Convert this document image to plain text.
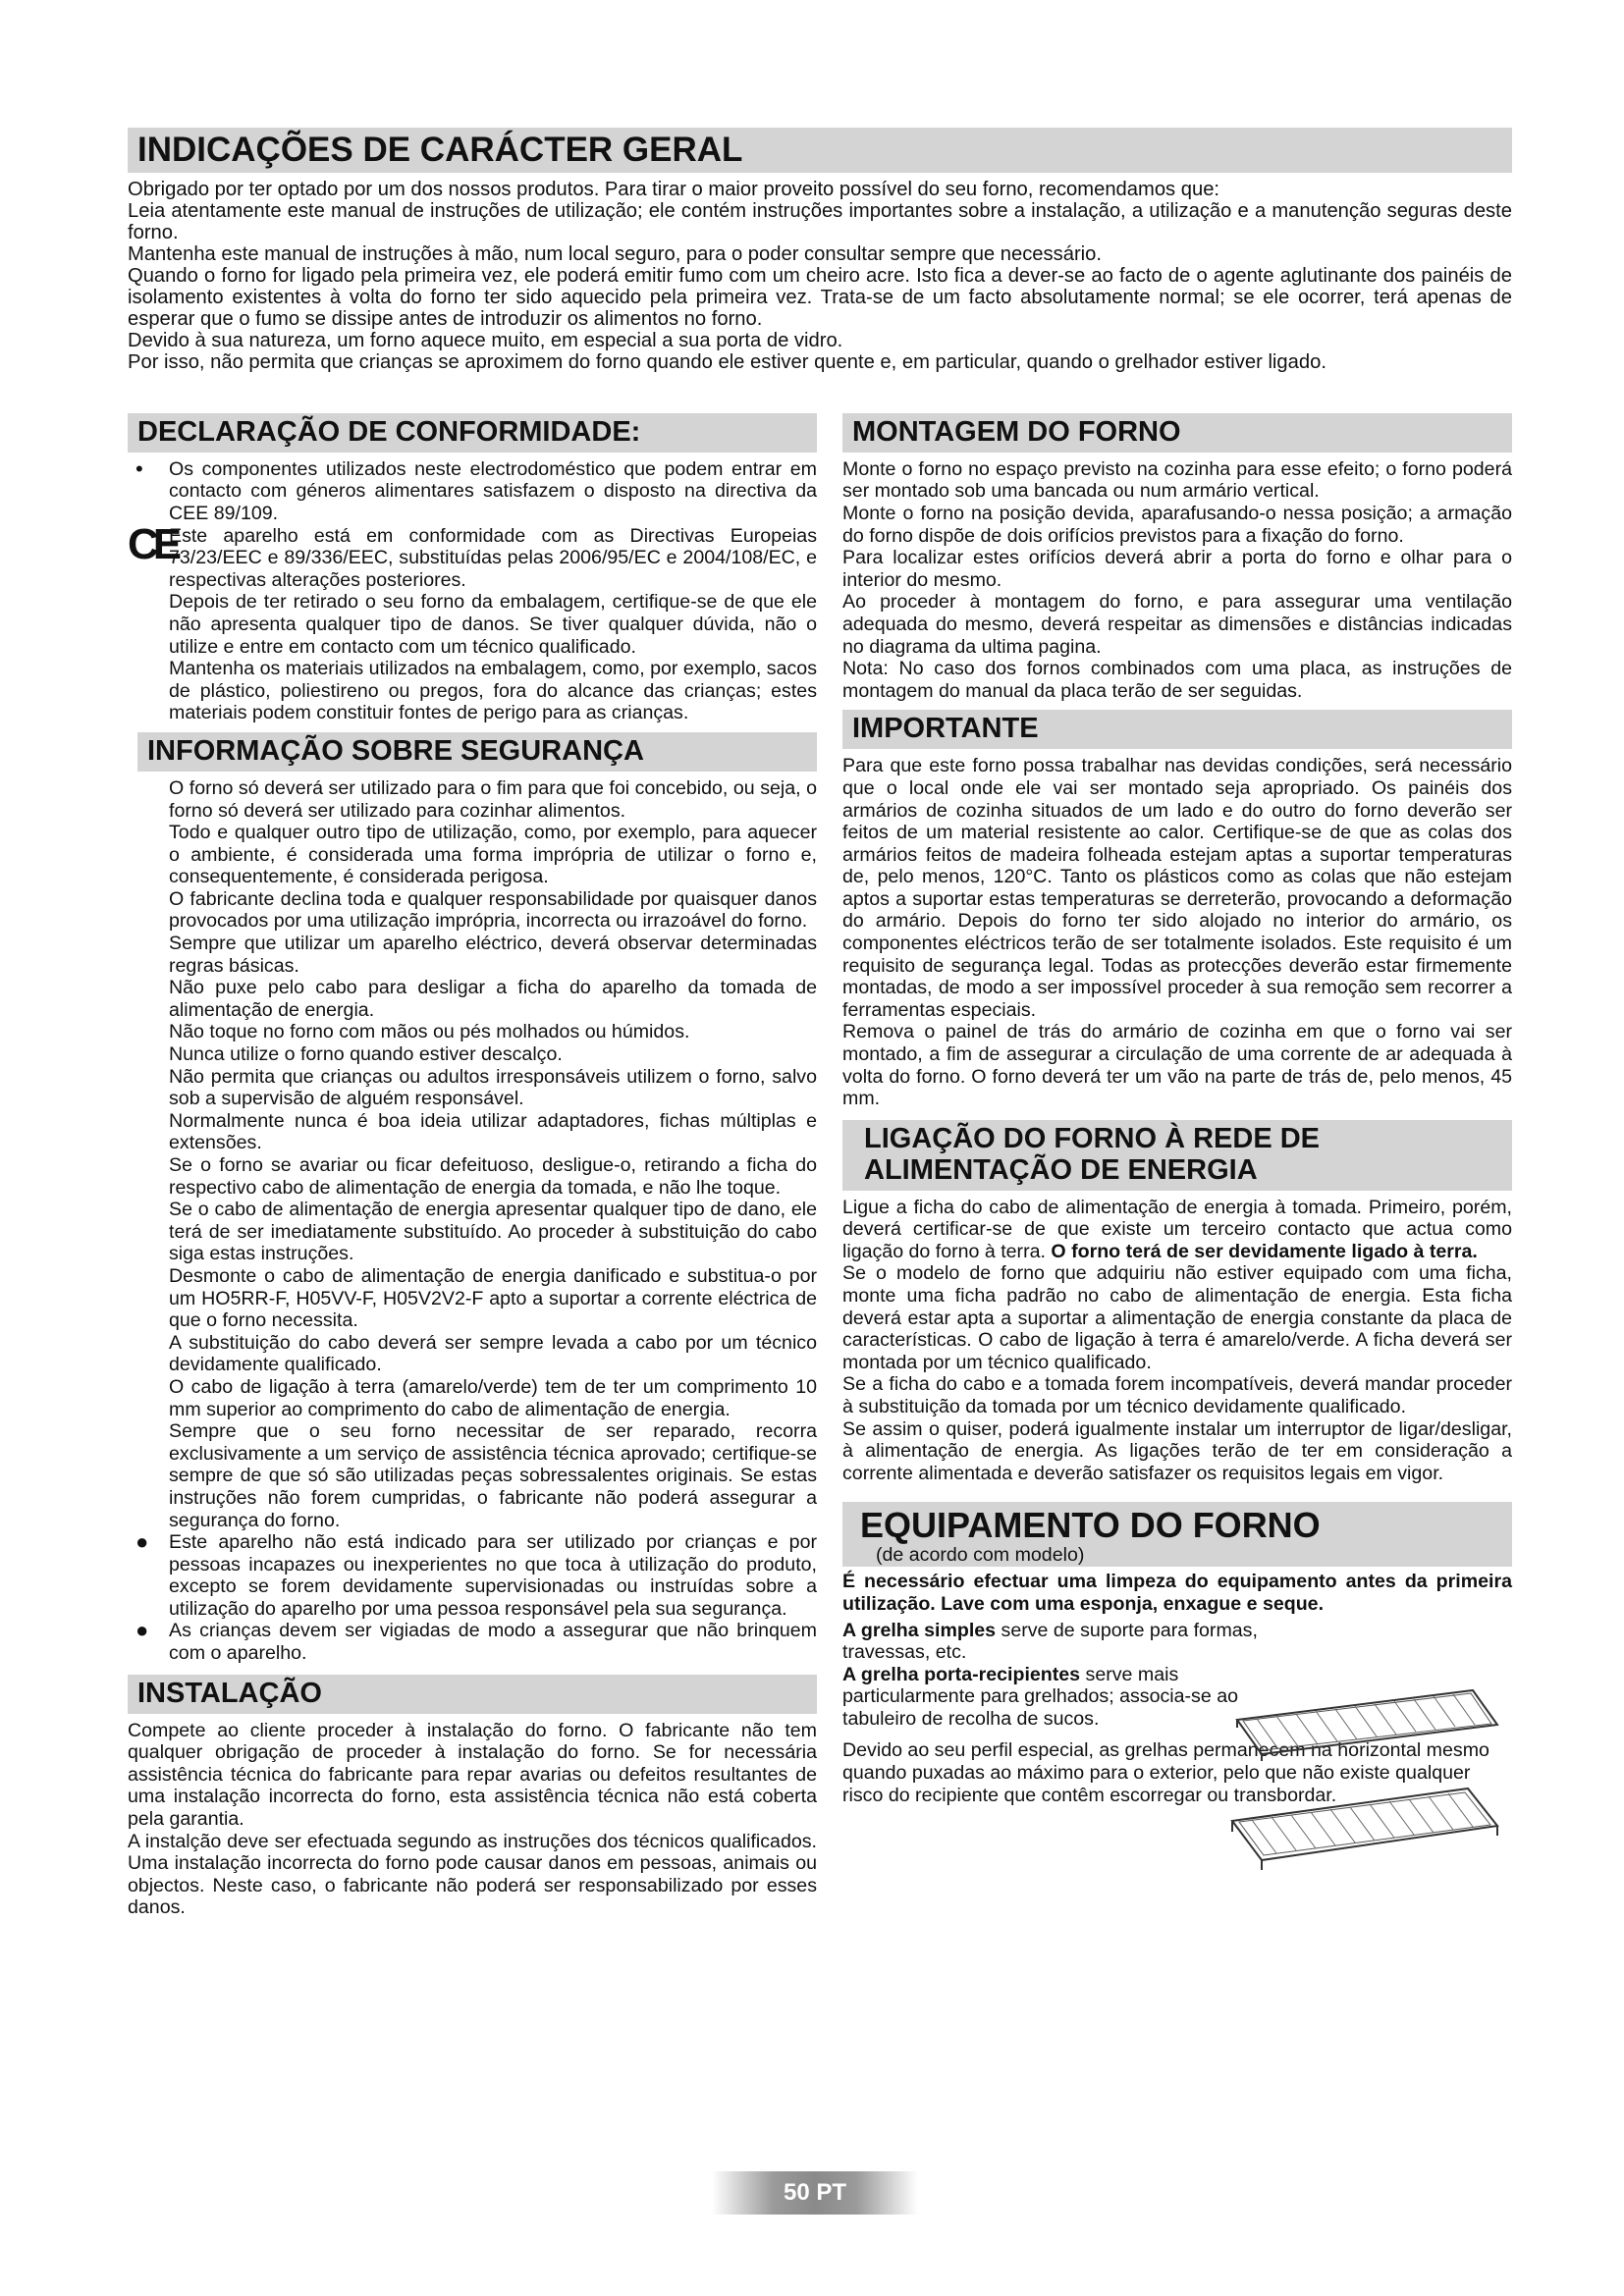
INDICAÇÕES DE CARÁCTER GERAL

Obrigado por ter optado por um dos nossos produtos. Para tirar o maior proveito possível do seu forno, recomendamos que:

Leia atentamente este manual de instruções de utilização; ele contém instruções importantes sobre a instalação, a utilização e a manutenção seguras deste forno.

Mantenha este manual de instruções à mão, num local seguro, para o poder consultar sempre que necessário.

Quando o forno for ligado pela primeira vez, ele poderá emitir fumo com um cheiro acre. Isto fica a dever-se ao facto de o agente aglutinante dos painéis de isolamento existentes à volta do forno ter sido aquecido pela primeira vez. Trata-se de um facto absolutamente normal; se ele ocorrer, terá apenas de esperar que o fumo se dissipe antes de introduzir os alimentos no forno.

Devido à sua natureza, um forno aquece muito, em especial a sua porta de vidro.

Por isso, não permita que crianças se aproximem do forno quando ele estiver quente e, em particular, quando o grelhador estiver ligado.

DECLARAÇÃO DE CONFORMIDADE:
CE
• Os componentes utilizados neste electrodoméstico que podem entrar em contacto com géneros alimentares satisfazem o disposto na directiva da CEE 89/109.

Este aparelho está em conformidade com as Directivas Europeias 73/23/EEC e 89/336/EEC, substituídas pelas 2006/95/EC e 2004/108/EC, e respectivas alterações posteriores.

Depois de ter retirado o seu forno da embalagem, certifique-se de que ele não apresenta qualquer tipo de danos. Se tiver qualquer dúvida, não o utilize e entre em contacto com um técnico qualificado.

Mantenha os materiais utilizados na embalagem, como, por exemplo, sacos de plástico, poliestireno ou pregos, fora do alcance das crianças; estes materiais podem constituir fontes de perigo para as crianças.

INFORMAÇÃO SOBRE SEGURANÇA

O forno só deverá ser utilizado para o fim para que foi concebido, ou seja, o forno só deverá ser utilizado para cozinhar alimentos.

Todo e qualquer outro tipo de utilização, como, por exemplo, para aquecer o ambiente, é considerada uma forma imprópria de utilizar o forno e, consequentemente, é considerada perigosa.

O fabricante declina toda e qualquer responsabilidade por quaisquer danos provocados por uma utilização imprópria, incorrecta ou irrazoável do forno.

Sempre que utilizar um aparelho eléctrico, deverá observar determinadas regras básicas.

Não puxe pelo cabo para desligar a ficha do aparelho da tomada de alimentação de energia.

Não toque no forno com mãos ou pés molhados ou húmidos.

Nunca utilize o forno quando estiver descalço.

Não permita que crianças ou adultos irresponsáveis utilizem o forno, salvo sob a supervisão de alguém responsável.

Normalmente nunca é boa ideia utilizar adaptadores, fichas múltiplas e extensões.

Se o forno se avariar ou ficar defeituoso, desligue-o, retirando a ficha do respectivo cabo de alimentação de energia da tomada, e não lhe toque.

Se o cabo de alimentação de energia apresentar qualquer tipo de dano, ele terá de ser imediatamente substituído. Ao proceder à substituição do cabo siga estas instruções.

Desmonte o cabo de alimentação de energia danificado e substitua-o por um HO5RR-F, H05VV-F, H05V2V2-F apto a suportar a corrente eléctrica de que o forno necessita.

A substituição do cabo deverá ser sempre levada a cabo por um técnico devidamente qualificado.

O cabo de ligação à terra (amarelo/verde) tem de ter um comprimento 10 mm superior ao comprimento do cabo de alimentação de energia.

Sempre que o seu forno necessitar de ser reparado, recorra exclusivamente a um serviço de assistência técnica aprovado; certifique-se sempre de que só são utilizadas peças sobressalentes originais. Se estas instruções não forem cumpridas, o fabricante não poderá assegurar a segurança do forno.

● Este aparelho não está indicado para ser utilizado por crianças e por pessoas incapazes ou inexperientes no que toca à utilização do produto, excepto se forem devidamente supervisionadas ou instruídas sobre a utilização do aparelho por uma pessoa responsável pela sua segurança.
● As crianças devem ser vigiadas de modo a assegurar que não brinquem com o aparelho.
INSTALAÇÃO

Compete ao cliente proceder à instalação do forno. O fabricante não tem qualquer obrigação de proceder à instalação do forno. Se for necessária assistência técnica do fabricante para repar avarias ou defeitos resultantes de uma instalação incorrecta do forno, esta assistência técnica não está coberta pela garantia.

A instalção deve ser efectuada segundo as instruções dos técnicos qualificados. Uma instalação incorrecta do forno pode causar danos em pessoas, animais ou objectos. Neste caso, o fabricante não poderá ser responsabilizado por esses danos.

MONTAGEM DO FORNO

Monte o forno no espaço previsto na cozinha para esse efeito; o forno poderá ser montado sob uma bancada ou num armário vertical.

Monte o forno na posição devida, aparafusando-o nessa posição; a armação do forno dispõe de dois orifícios previstos para a fixação do forno.

Para localizar estes orifícios deverá abrir a porta do forno e olhar para o interior do mesmo.

Ao proceder à montagem do forno, e para assegurar uma ventilação adequada do mesmo, deverá respeitar as dimensões e distâncias indicadas no diagrama da ultima pagina.

Nota: No caso dos fornos combinados com uma placa, as instruções de montagem do manual da placa terão de ser seguidas.

IMPORTANTE

Para que este forno possa trabalhar nas devidas condições, será necessário que o local onde ele vai ser montado seja apropriado. Os painéis dos armários de cozinha situados de um lado e do outro do forno deverão ser feitos de um material resistente ao calor. Certifique-se de que as colas dos armários feitos de madeira folheada estejam aptas a suportar temperaturas de, pelo menos, 120°C. Tanto os plásticos como as colas que não estejam aptos a suportar estas temperaturas se derreterão, provocando a deformação do armário. Depois do forno ter sido alojado no interior do armário, os componentes eléctricos terão de ser totalmente isolados. Este requisito é um requisito de segurança legal. Todas as protecções deverão estar firmemente montadas, de modo a ser impossível proceder à sua remoção sem recorrer a ferramentas especiais.

Remova o painel de trás do armário de cozinha em que o forno vai ser montado, a fim de assegurar a circulação de uma corrente de ar adequada à volta do forno. O forno deverá ter um vão na parte de trás de, pelo menos, 45 mm.

LIGAÇÃO DO FORNO À REDE DE
ALIMENTAÇÃO DE ENERGIA

Ligue a ficha do cabo de alimentação de energia à tomada. Primeiro, porém, deverá certificar-se de que existe um terceiro contacto que actua como ligação do forno à terra. O forno terá de ser devidamente ligado à terra.

Se o modelo de forno que adquiriu não estiver equipado com uma ficha, monte uma ficha padrão no cabo de alimentação de energia. Esta ficha deverá estar apta a suportar a alimentação de energia constante da placa de características. O cabo de ligação à terra é amarelo/verde. A ficha deverá ser montada por um técnico qualificado.

Se a ficha do cabo e a tomada forem incompatíveis, deverá mandar proceder à substituição da tomada por um técnico devidamente qualificado.

Se assim o quiser, poderá igualmente instalar um interruptor de ligar/desligar, à alimentação de energia. As ligações terão de ter em consideração a corrente alimentada e deverão satisfazer os requisitos legais em vigor.

EQUIPAMENTO DO FORNO
(de acordo com modelo)

É necessário efectuar uma limpeza do equipamento antes da primeira utilização. Lave com uma esponja, enxague e seque.

A grelha simples serve de suporte para formas, travessas, etc.

A grelha porta-recipientes serve mais particularmente para grelhados; associa-se ao tabuleiro de recolha de sucos.

Devido ao seu perfil especial, as grelhas permanecem na horizontal mesmo quando puxadas ao máximo para o exterior, pelo que não existe qualquer risco do recipiente que contêm escorregar ou transbordar.

50 PT
